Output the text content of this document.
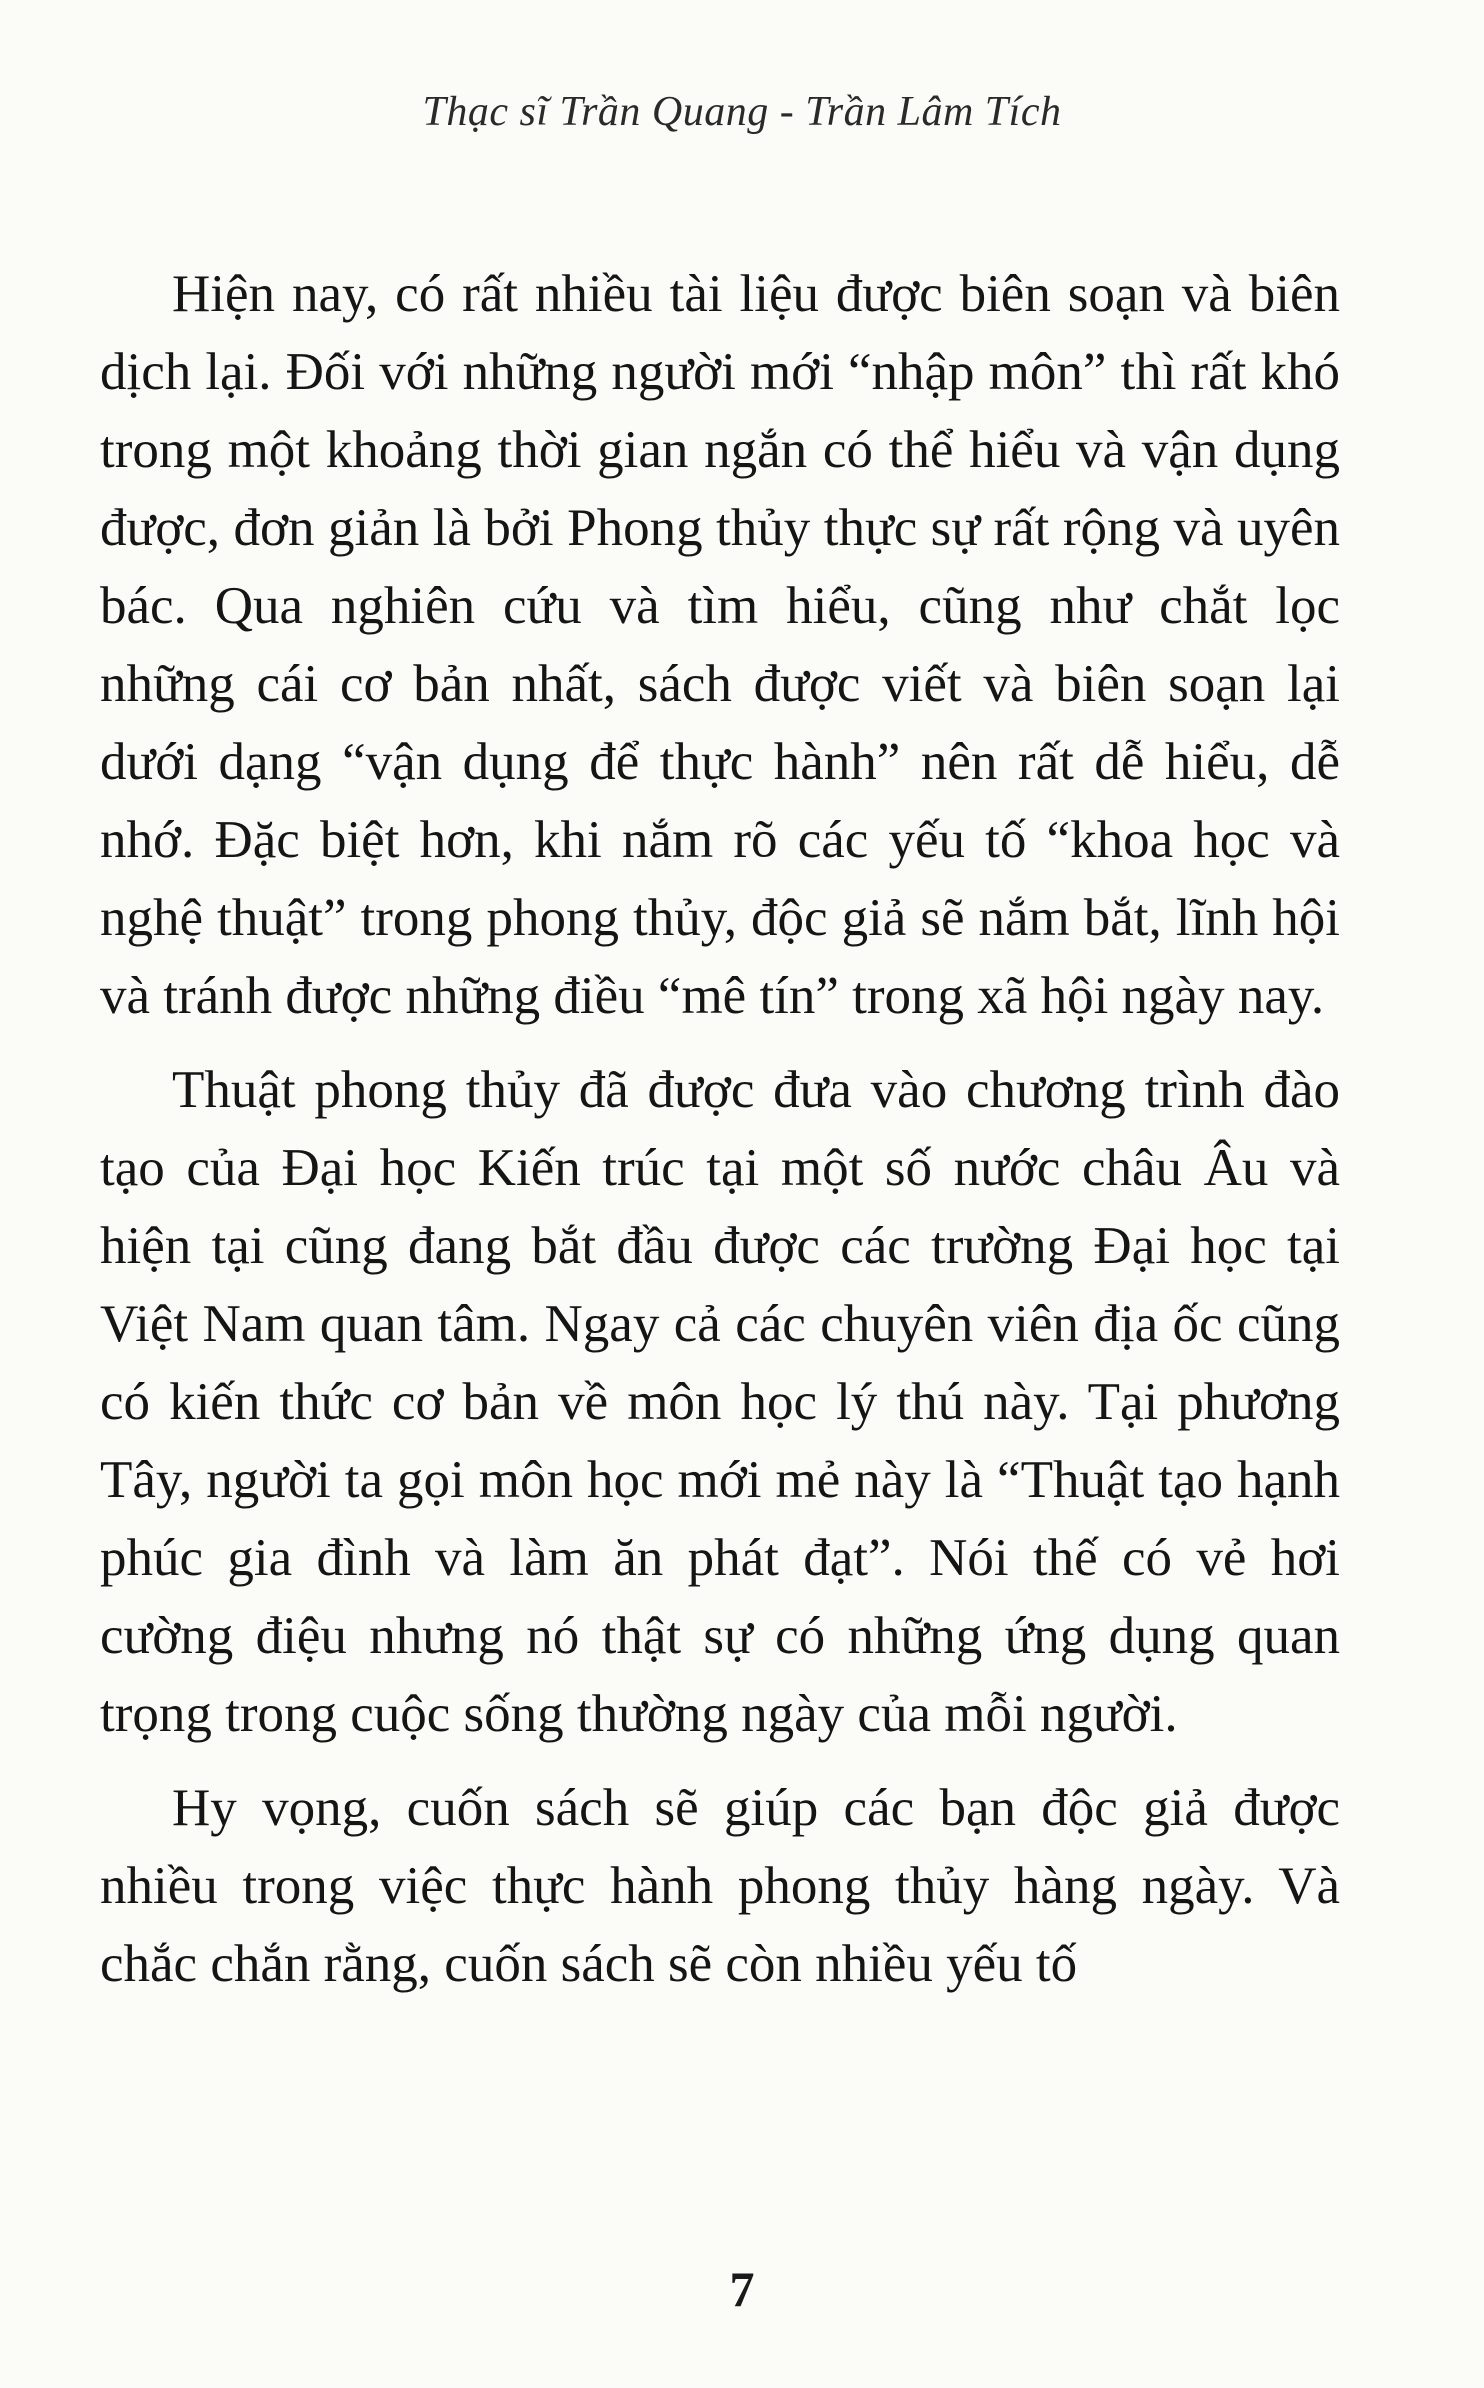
Thạc sĩ Trần Quang - Trần Lâm Tích

Hiện nay, có rất nhiều tài liệu được biên soạn và biên dịch lại. Đối với những người mới “nhập môn” thì rất khó trong một khoảng thời gian ngắn có thể hiểu và vận dụng được, đơn giản là bởi Phong thủy thực sự rất rộng và uyên bác. Qua nghiên cứu và tìm hiểu, cũng như chắt lọc những cái cơ bản nhất, sách được viết và biên soạn lại dưới dạng “vận dụng để thực hành” nên rất dễ hiểu, dễ nhớ. Đặc biệt hơn, khi nắm rõ các yếu tố “khoa học và nghệ thuật” trong phong thủy, độc giả sẽ nắm bắt, lĩnh hội và tránh được những điều “mê tín” trong xã hội ngày nay.

Thuật phong thủy đã được đưa vào chương trình đào tạo của Đại học Kiến trúc tại một số nước châu Âu và hiện tại cũng đang bắt đầu được các trường Đại học tại Việt Nam quan tâm. Ngay cả các chuyên viên địa ốc cũng có kiến thức cơ bản về môn học lý thú này. Tại phương Tây, người ta gọi môn học mới mẻ này là “Thuật tạo hạnh phúc gia đình và làm ăn phát đạt”. Nói thế có vẻ hơi cường điệu nhưng nó thật sự có những ứng dụng quan trọng trong cuộc sống thường ngày của mỗi người.

Hy vọng, cuốn sách sẽ giúp các bạn độc giả được nhiều trong việc thực hành phong thủy hàng ngày. Và chắc chắn rằng, cuốn sách sẽ còn nhiều yếu tố

7
